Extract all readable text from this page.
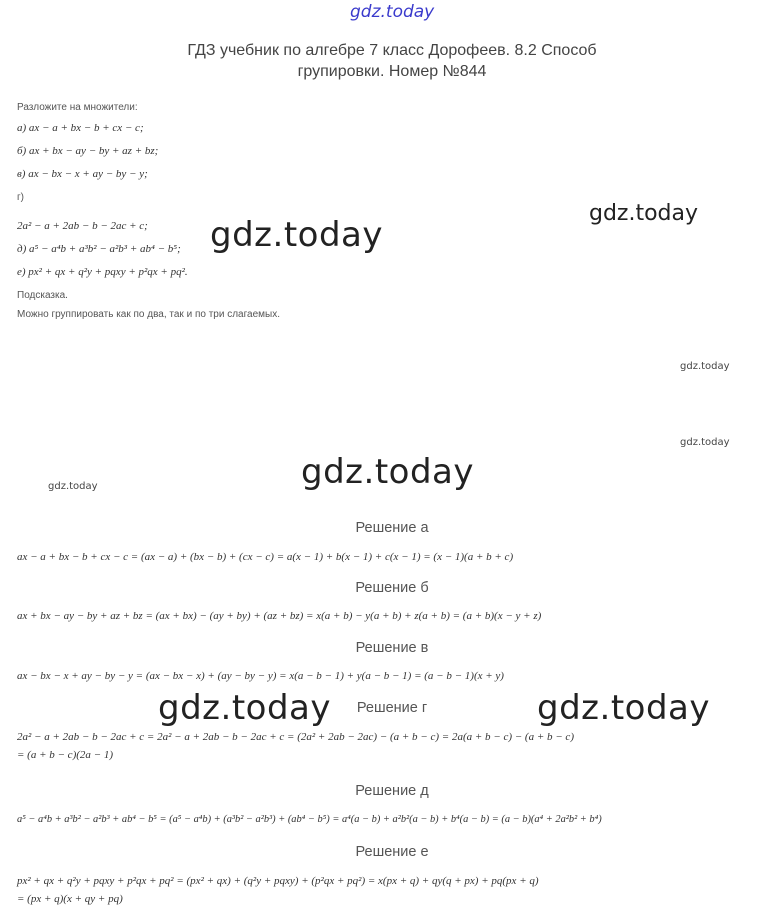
gdz.today
ГДЗ учебник по алгебре 7 класс Дорофеев. 8.2 Способ
групировки. Номер №844
Разложите на множители:
а) ax − a + bx − b + cx − c;
б) ax + bx − ay − by + az + bz;
в) ax − bx − x + ay − by − y;
г)
2a² − a + 2ab − b − 2ac + c;
д) a⁵ − a⁴b + a³b² − a²b³ + ab⁴ − b⁵;
е) px² + qx + q²y + pqxy + p²qx + pq².
Подсказка.
Можно группировать как по два, так и по три слагаемых.
gdz.today
gdz.today
gdz.today
gdz.today
gdz.today
gdz.today
gdz.today	gdz.today
Решение а
ax − a + bx − b + cx − c = (ax − a) + (bx − b) + (cx − c) = a(x − 1) + b(x − 1) + c(x − 1) = (x − 1)(a + b + c)
Решение б
ax + bx − ay − by + az + bz = (ax + bx) − (ay + by) + (az + bz) = x(a + b) − y(a + b) + z(a + b) = (a + b)(x − y + z)
Решение в
ax − bx − x + ay − by − y = (ax − bx − x) + (ay − by − y) = x(a − b − 1) + y(a − b − 1) = (a − b − 1)(x + y)
Решение г
2a² − a + 2ab − b − 2ac + c = 2a² − a + 2ab − b − 2ac + c = (2a² + 2ab − 2ac) − (a + b − c) = 2a(a + b − c) − (a + b − c)
= (a + b − c)(2a − 1)
Решение д
a⁵ − a⁴b + a³b² − a²b³ + ab⁴ − b⁵ = (a⁵ − a⁴b) + (a³b² − a²b³) + (ab⁴ − b⁵) = a⁴(a − b) + a²b²(a − b) + b⁴(a − b) = (a − b)(a⁴ + 2a²b² + b⁴)
Решение е
px² + qx + q²y + pqxy + p²qx + pq² = (px² + qx) + (q²y + pqxy) + (p²qx + pq²) = x(px + q) + qy(q + px) + pq(px + q)
= (px + q)(x + qy + pq)
